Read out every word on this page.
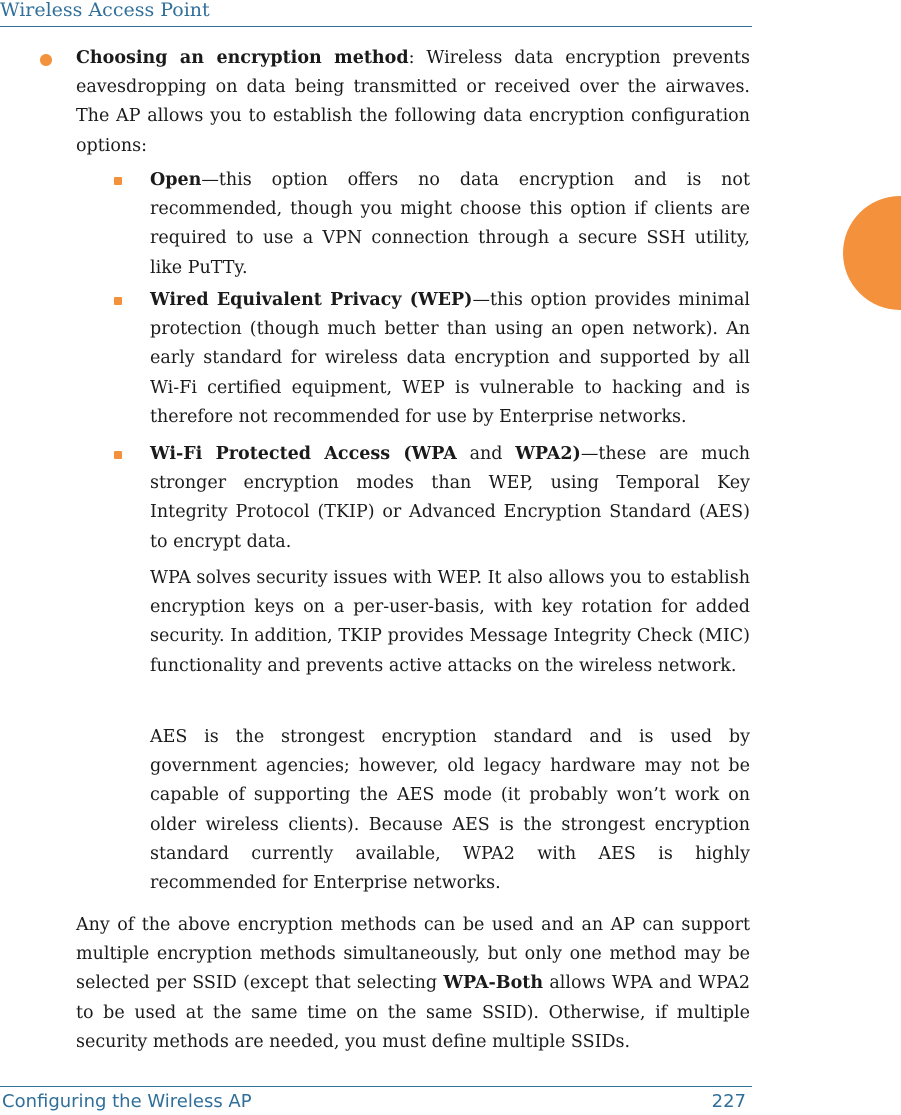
Wireless Access Point
Choosing an encryption method: Wireless data encryption prevents eavesdropping on data being transmitted or received over the airwaves. The AP allows you to establish the following data encryption configuration options:
Open—this option offers no data encryption and is not recommended, though you might choose this option if clients are required to use a VPN connection through a secure SSH utility, like PuTTy.
Wired Equivalent Privacy (WEP)—this option provides minimal protection (though much better than using an open network). An early standard for wireless data encryption and supported by all Wi-Fi certified equipment, WEP is vulnerable to hacking and is therefore not recommended for use by Enterprise networks.
Wi-Fi Protected Access (WPA and WPA2)—these are much stronger encryption modes than WEP, using Temporal Key Integrity Protocol (TKIP) or Advanced Encryption Standard (AES) to encrypt data.
WPA solves security issues with WEP. It also allows you to establish encryption keys on a per-user-basis, with key rotation for added security. In addition, TKIP provides Message Integrity Check (MIC) functionality and prevents active attacks on the wireless network.
AES is the strongest encryption standard and is used by government agencies; however, old legacy hardware may not be capable of supporting the AES mode (it probably won’t work on older wireless clients). Because AES is the strongest encryption standard currently available, WPA2 with AES is highly recommended for Enterprise networks.
Any of the above encryption methods can be used and an AP can support multiple encryption methods simultaneously, but only one method may be selected per SSID (except that selecting WPA-Both allows WPA and WPA2 to be used at the same time on the same SSID). Otherwise, if multiple security methods are needed, you must define multiple SSIDs.
Configuring the Wireless AP	227
